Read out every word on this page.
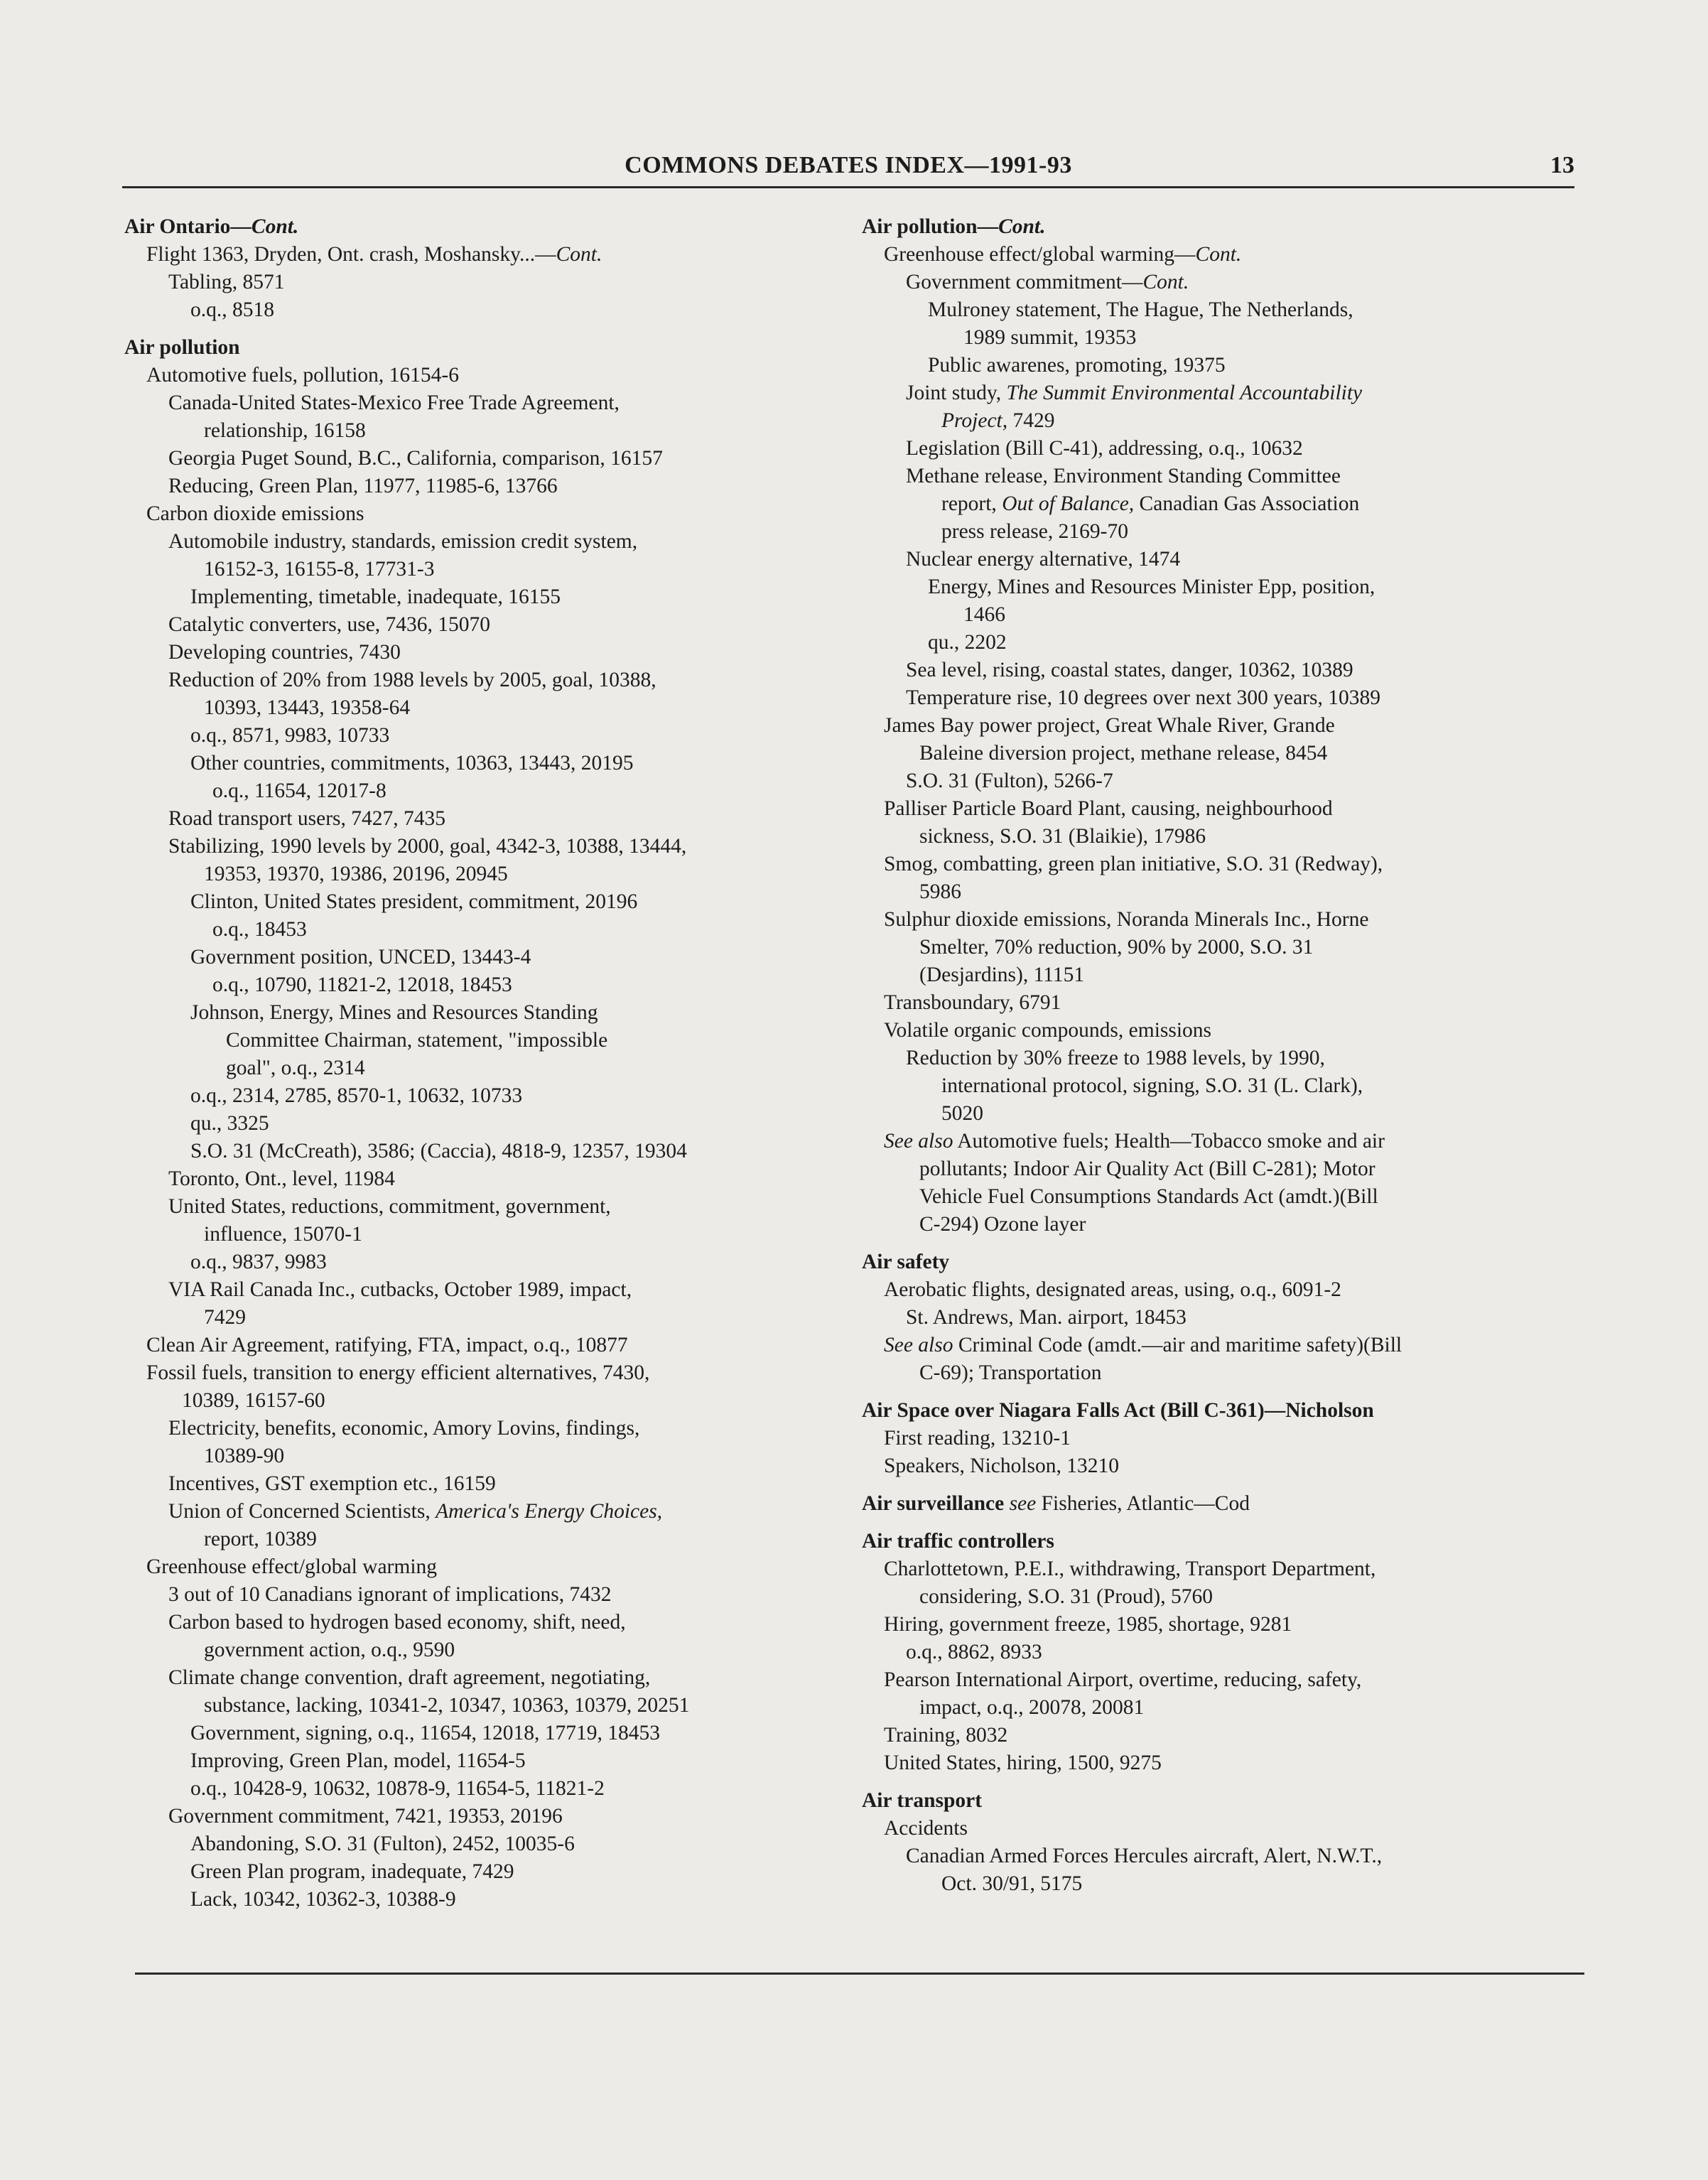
COMMONS DEBATES INDEX—1991-93	13
Air Ontario—Cont.
Flight 1363, Dryden, Ont. crash, Moshansky...—Cont.
Tabling, 8571
o.q., 8518
Air pollution
Automotive fuels, pollution, 16154-6
Canada-United States-Mexico Free Trade Agreement,
relationship, 16158
Georgia Puget Sound, B.C., California, comparison, 16157
Reducing, Green Plan, 11977, 11985-6, 13766
Carbon dioxide emissions
Automobile industry, standards, emission credit system,
16152-3, 16155-8, 17731-3
Implementing, timetable, inadequate, 16155
Catalytic converters, use, 7436, 15070
Developing countries, 7430
Reduction of 20% from 1988 levels by 2005, goal, 10388,
10393, 13443, 19358-64
o.q., 8571, 9983, 10733
Other countries, commitments, 10363, 13443, 20195
o.q., 11654, 12017-8
Road transport users, 7427, 7435
Stabilizing, 1990 levels by 2000, goal, 4342-3, 10388, 13444,
19353, 19370, 19386, 20196, 20945
Clinton, United States president, commitment, 20196
o.q., 18453
Government position, UNCED, 13443-4
o.q., 10790, 11821-2, 12018, 18453
Johnson, Energy, Mines and Resources Standing
Committee Chairman, statement, "impossible
goal", o.q., 2314
o.q., 2314, 2785, 8570-1, 10632, 10733
qu., 3325
S.O. 31 (McCreath), 3586; (Caccia), 4818-9, 12357, 19304
Toronto, Ont., level, 11984
United States, reductions, commitment, government,
influence, 15070-1
o.q., 9837, 9983
VIA Rail Canada Inc., cutbacks, October 1989, impact,
7429
Clean Air Agreement, ratifying, FTA, impact, o.q., 10877
Fossil fuels, transition to energy efficient alternatives, 7430,
10389, 16157-60
Electricity, benefits, economic, Amory Lovins, findings,
10389-90
Incentives, GST exemption etc., 16159
Union of Concerned Scientists, America's Energy Choices,
report, 10389
Greenhouse effect/global warming
3 out of 10 Canadians ignorant of implications, 7432
Carbon based to hydrogen based economy, shift, need,
government action, o.q., 9590
Climate change convention, draft agreement, negotiating,
substance, lacking, 10341-2, 10347, 10363, 10379, 20251
Government, signing, o.q., 11654, 12018, 17719, 18453
Improving, Green Plan, model, 11654-5
o.q., 10428-9, 10632, 10878-9, 11654-5, 11821-2
Government commitment, 7421, 19353, 20196
Abandoning, S.O. 31 (Fulton), 2452, 10035-6
Green Plan program, inadequate, 7429
Lack, 10342, 10362-3, 10388-9
Air pollution—Cont.
Greenhouse effect/global warming—Cont.
Government commitment—Cont.
Mulroney statement, The Hague, The Netherlands,
1989 summit, 19353
Public awarenes, promoting, 19375
Joint study, The Summit Environmental Accountability
Project, 7429
Legislation (Bill C-41), addressing, o.q., 10632
Methane release, Environment Standing Committee
report, Out of Balance, Canadian Gas Association
press release, 2169-70
Nuclear energy alternative, 1474
Energy, Mines and Resources Minister Epp, position,
1466
qu., 2202
Sea level, rising, coastal states, danger, 10362, 10389
Temperature rise, 10 degrees over next 300 years, 10389
James Bay power project, Great Whale River, Grande
Baleine diversion project, methane release, 8454
S.O. 31 (Fulton), 5266-7
Palliser Particle Board Plant, causing, neighbourhood
sickness, S.O. 31 (Blaikie), 17986
Smog, combatting, green plan initiative, S.O. 31 (Redway),
5986
Sulphur dioxide emissions, Noranda Minerals Inc., Horne
Smelter, 70% reduction, 90% by 2000, S.O. 31
(Desjardins), 11151
Transboundary, 6791
Volatile organic compounds, emissions
Reduction by 30% freeze to 1988 levels, by 1990,
international protocol, signing, S.O. 31 (L. Clark),
5020
See also Automotive fuels; Health—Tobacco smoke and air
pollutants; Indoor Air Quality Act (Bill C-281); Motor
Vehicle Fuel Consumptions Standards Act (amdt.)(Bill
C-294) Ozone layer
Air safety
Aerobatic flights, designated areas, using, o.q., 6091-2
St. Andrews, Man. airport, 18453
See also Criminal Code (amdt.—air and maritime safety)(Bill
C-69); Transportation
Air Space over Niagara Falls Act (Bill C-361)—Nicholson
First reading, 13210-1
Speakers, Nicholson, 13210
Air surveillance see Fisheries, Atlantic—Cod
Air traffic controllers
Charlottetown, P.E.I., withdrawing, Transport Department,
considering, S.O. 31 (Proud), 5760
Hiring, government freeze, 1985, shortage, 9281
o.q., 8862, 8933
Pearson International Airport, overtime, reducing, safety,
impact, o.q., 20078, 20081
Training, 8032
United States, hiring, 1500, 9275
Air transport
Accidents
Canadian Armed Forces Hercules aircraft, Alert, N.W.T.,
Oct. 30/91, 5175
